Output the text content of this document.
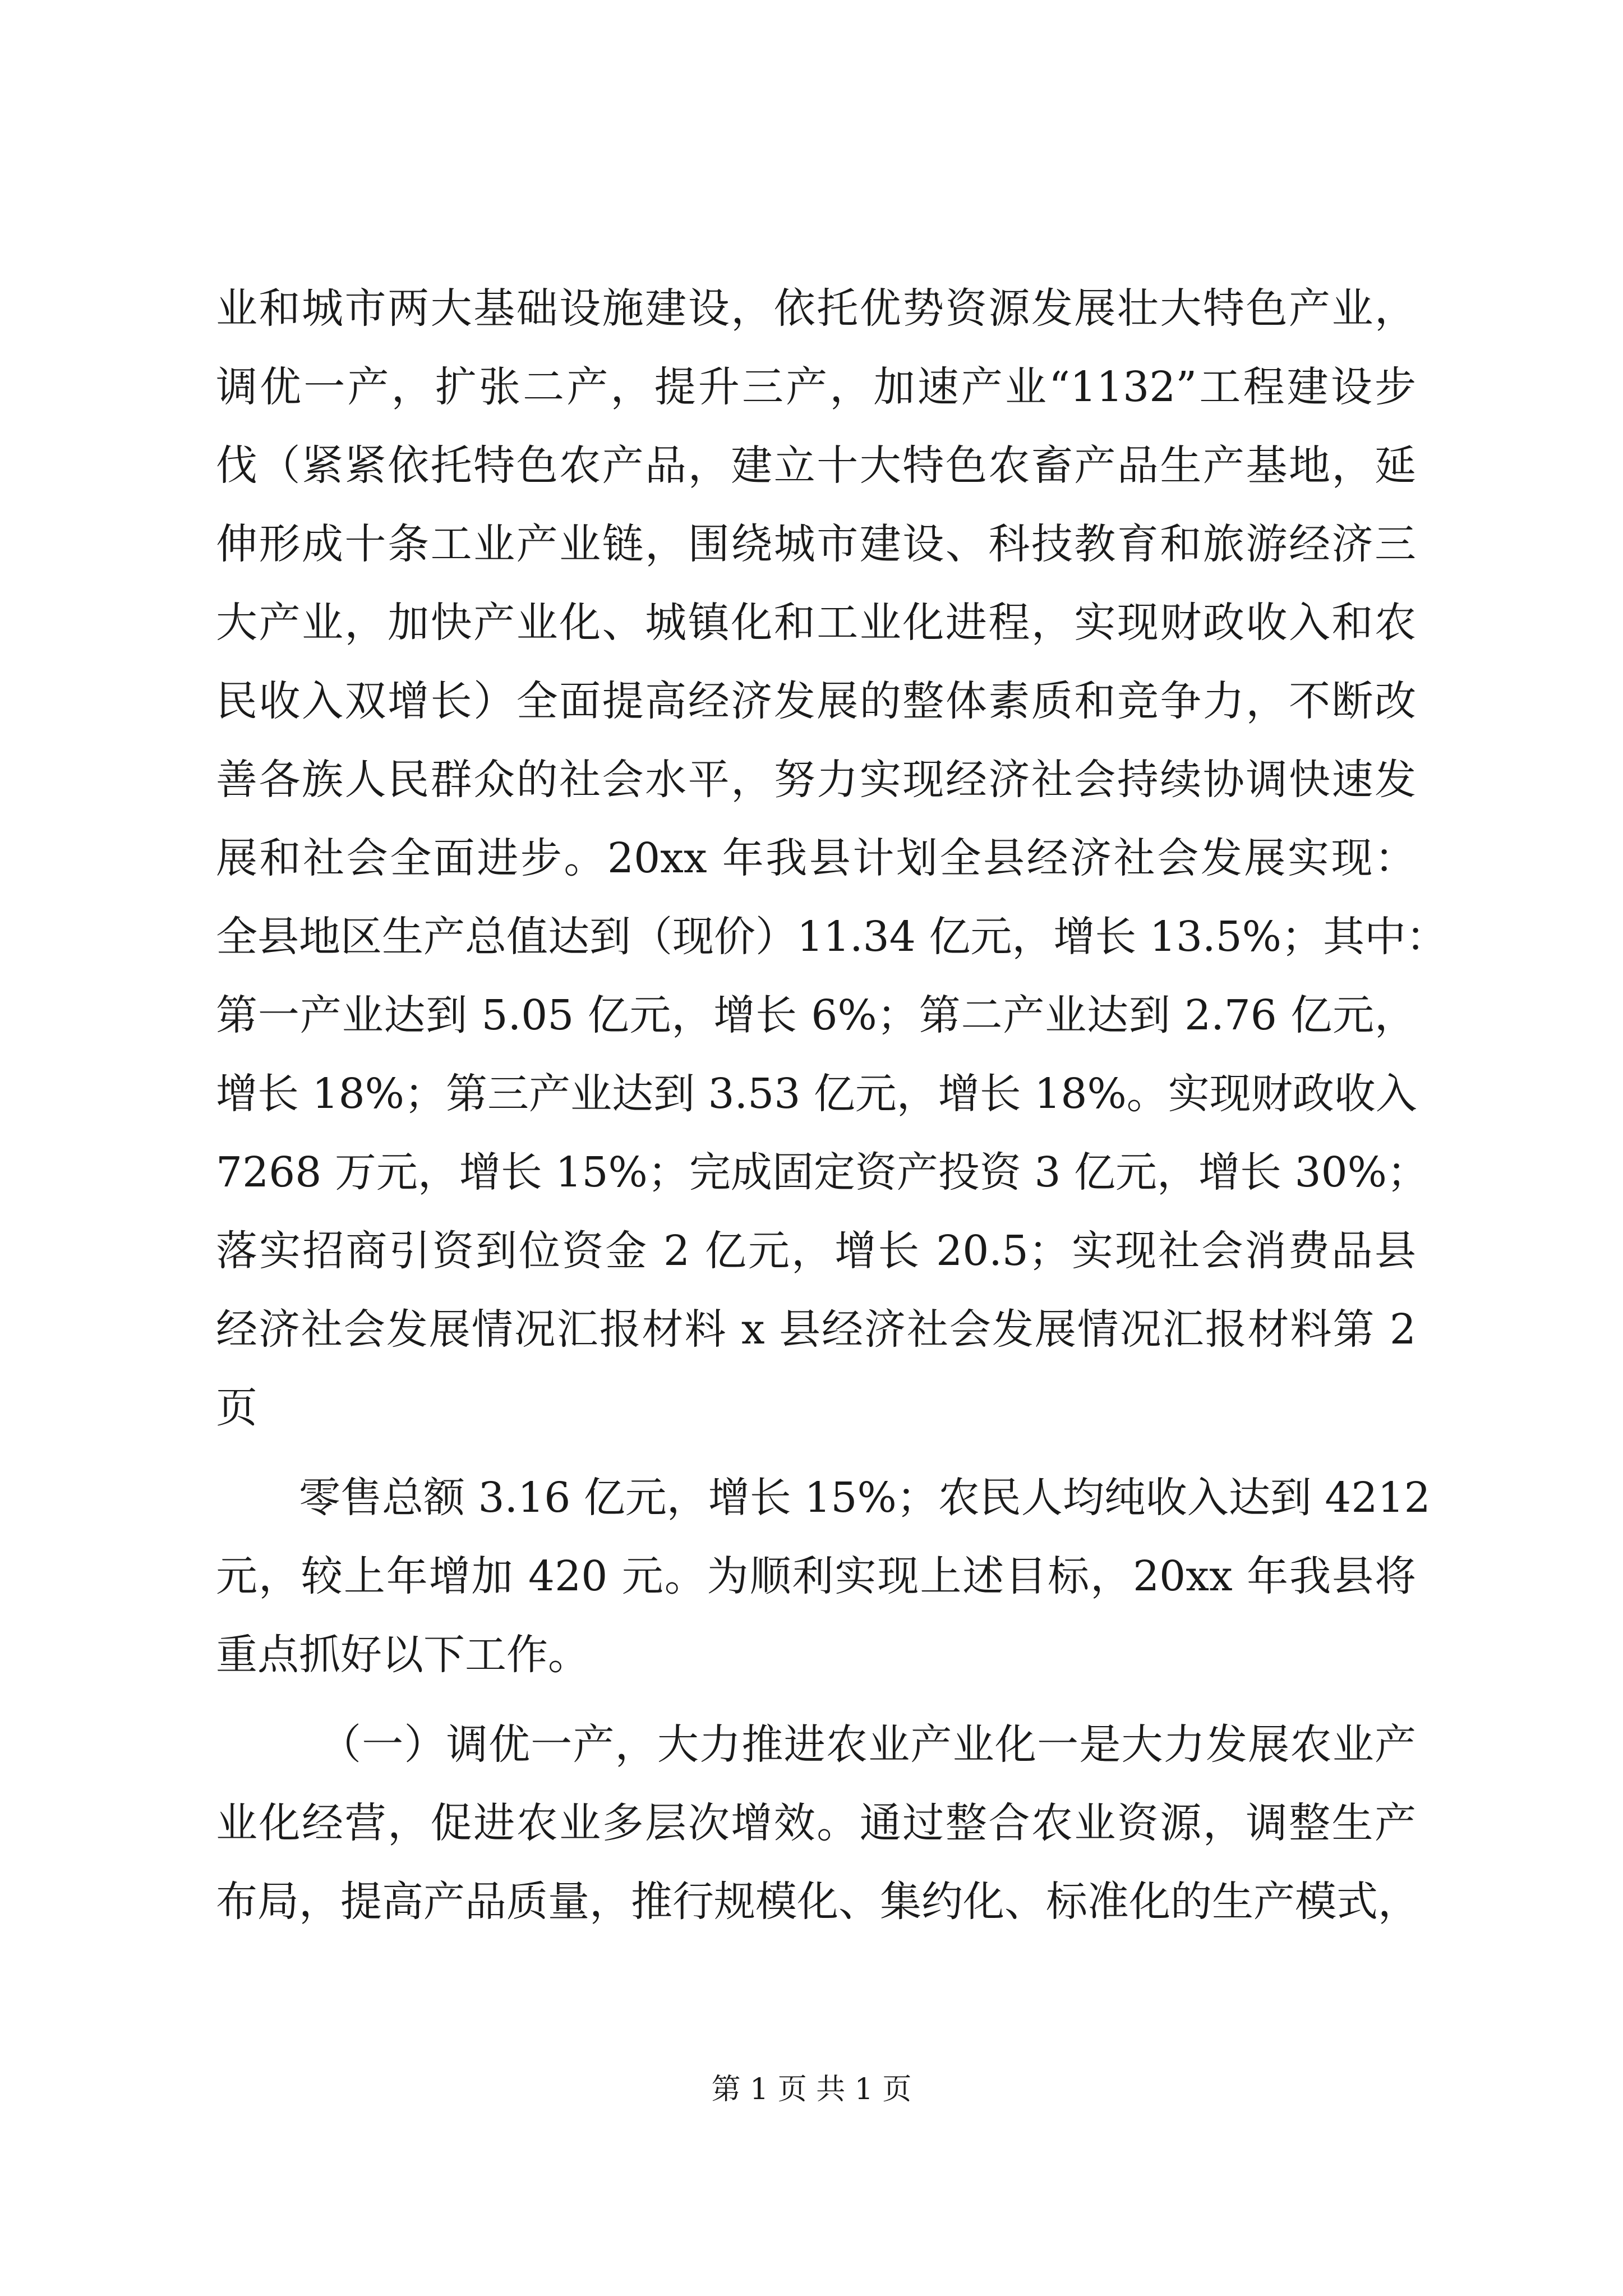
业和城市两大基础设施建设，依托优势资源发展壮大特色产业，
调优一产，扩张二产，提升三产，加速产业“1132”工程建设步
伐（紧紧依托特色农产品，建立十大特色农畜产品生产基地，延
伸形成十条工业产业链，围绕城市建设、科技教育和旅游经济三
大产业，加快产业化、城镇化和工业化进程，实现财政收入和农
民收入双增长）全面提高经济发展的整体素质和竞争力，不断改
善各族人民群众的社会水平，努力实现经济社会持续协调快速发
展和社会全面进步。20xx 年我县计划全县经济社会发展实现：
全县地区生产总值达到（现价）11.34 亿元，增长 13.5%；其中：
第一产业达到 5.05 亿元，增长 6%；第二产业达到 2.76 亿元，
增长 18%；第三产业达到 3.53 亿元，增长 18%。实现财政收入
7268 万元，增长 15%；完成固定资产投资 3 亿元，增长 30%；
落实招商引资到位资金 2 亿元，增长 20.5；实现社会消费品县
经济社会发展情况汇报材料 x 县经济社会发展情况汇报材料第 2
页
零售总额 3.16 亿元，增长 15%；农民人均纯收入达到 4212
元，较上年增加 420 元。为顺利实现上述目标，20xx 年我县将
重点抓好以下工作。
（一）调优一产，大力推进农业产业化一是大力发展农业产
业化经营，促进农业多层次增效。通过整合农业资源，调整生产
布局，提高产品质量，推行规模化、集约化、标准化的生产模式，
第 1 页 共 1 页
